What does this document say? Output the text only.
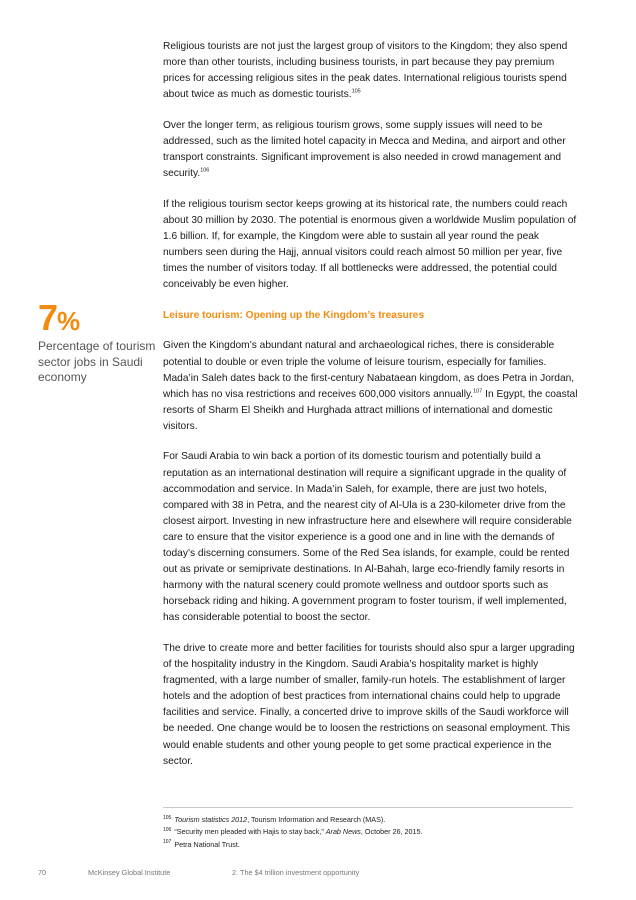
Religious tourists are not just the largest group of visitors to the Kingdom; they also spend more than other tourists, including business tourists, in part because they pay premium prices for accessing religious sites in the peak dates. International religious tourists spend about twice as much as domestic tourists.$^{105}$

Over the longer term, as religious tourism grows, some supply issues will need to be addressed, such as the limited hotel capacity in Mecca and Medina, and airport and other transport constraints. Significant improvement is also needed in crowd management and security.$^{106}$

If the religious tourism sector keeps growing at its historical rate, the numbers could reach about 30 million by 2030. The potential is enormous given a worldwide Muslim population of 1.6 billion. If, for example, the Kingdom were able to sustain all year round the peak numbers seen during the Hajj, annual visitors could reach almost 50 million per year, five times the number of visitors today. If all bottlenecks were addressed, the potential could conceivably be even higher.

Leisure tourism: Opening up the Kingdom’s treasures

Given the Kingdom’s abundant natural and archaeological riches, there is considerable potential to double or even triple the volume of leisure tourism, especially for families. Mada’in Saleh dates back to the first-century Nabataean kingdom, as does Petra in Jordan, which has no visa restrictions and receives 600,000 visitors annually.$^{107}$ In Egypt, the coastal resorts of Sharm El Sheikh and Hurghada attract millions of international and domestic visitors.

For Saudi Arabia to win back a portion of its domestic tourism and potentially build a reputation as an international destination will require a significant upgrade in the quality of accommodation and service. In Mada’in Saleh, for example, there are just two hotels, compared with 38 in Petra, and the nearest city of Al-Ula is a 230-kilometer drive from the closest airport. Investing in new infrastructure here and elsewhere will require considerable care to ensure that the visitor experience is a good one and in line with the demands of today’s discerning consumers. Some of the Red Sea islands, for example, could be rented out as private or semiprivate destinations. In Al-Bahah, large eco-friendly family resorts in harmony with the natural scenery could promote wellness and outdoor sports such as horseback riding and hiking. A government program to foster tourism, if well implemented, has considerable potential to boost the sector.

The drive to create more and better facilities for tourists should also spur a larger upgrading of the hospitality industry in the Kingdom. Saudi Arabia’s hospitality market is highly fragmented, with a large number of smaller, family-run hotels. The establishment of larger hotels and the adoption of best practices from international chains could help to upgrade facilities and service. Finally, a concerted drive to improve skills of the Saudi workforce will be needed. One change would be to loosen the restrictions on seasonal employment. This would enable students and other young people to get some practical experience in the sector.

7%
Percentage of tourism sector jobs in Saudi economy

$^{105}$ Tourism statistics 2012, Tourism Information and Research (MAS).

$^{106}$ “Security men pleaded with Hajis to stay back,” Arab News, October 26, 2015.

$^{107}$ Petra National Trust.

70	McKinsey Global Institute	2. The $4 trillion investment opportunity
